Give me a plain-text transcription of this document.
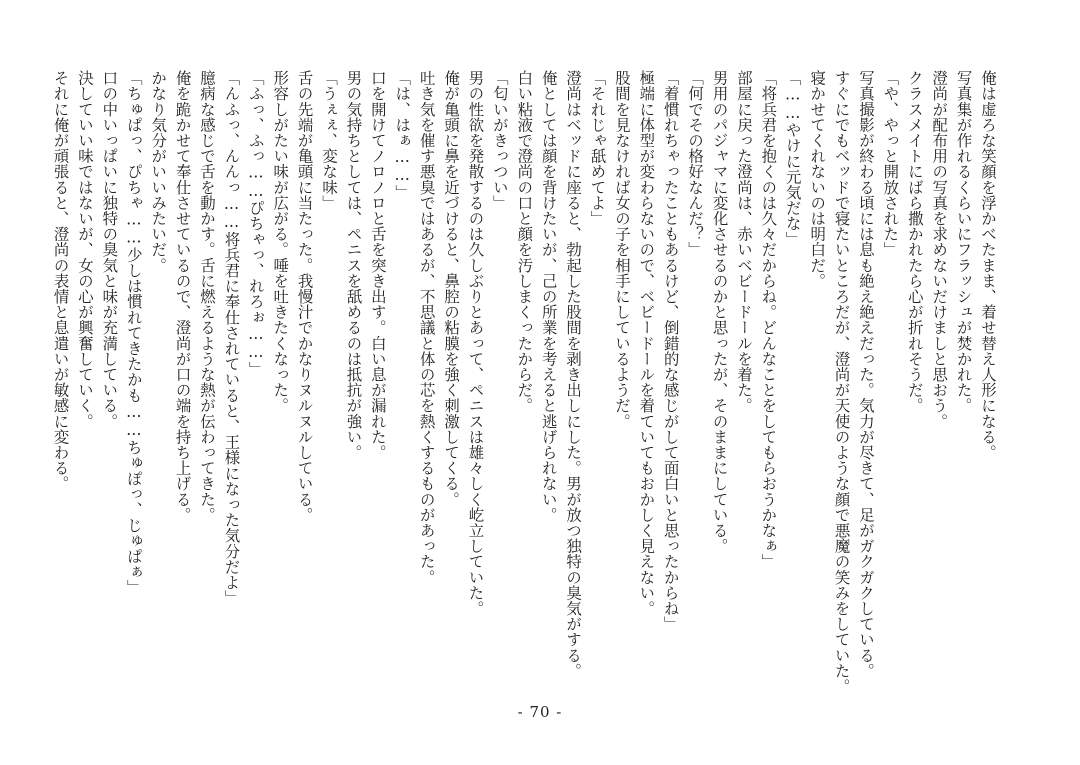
俺は虚ろな笑顔を浮かべたまま、着せ替え人形になる。
写真集が作れるくらいにフラッシュが焚かれた。
澄尚が配布用の写真を求めないだけましと思おう。
クラスメイトにばら撒かれたら心が折れそうだ。
「や、やっと開放された」
写真撮影が終わる頃には息も絶え絶えだった。気力が尽きて、足がガクガクしている。
すぐにでもベッドで寝たいところだが、澄尚が天使のような顔で悪魔の笑みをしていた。
寝かせてくれないのは明白だ。
「……やけに元気だな」
「将兵君を抱くのは久々だからね。どんなことをしてもらおうかなぁ」
部屋に戻った澄尚は、赤いベビードールを着た。
男用のパジャマに変化させるのかと思ったが、そのままにしている。
「何でその格好なんだ？」
「着慣れちゃったこともあるけど、倒錯的な感じがして面白いと思ったからね」
極端に体型が変わらないので、ベビードールを着ていてもおかしく見えない。
股間を見なければ女の子を相手にしているようだ。
「それじゃ舐めてよ」
澄尚はベッドに座ると、勃起した股間を剥き出しにした。男が放つ独特の臭気がする。
俺としては顔を背けたいが、己の所業を考えると逃げられない。
白い粘液で澄尚の口と顔を汚しまくったからだ。
「匂いがきっつい」
男の性欲を発散するのは久しぶりとあって、ペニスは雄々しく屹立していた。
俺が亀頭に鼻を近づけると、鼻腔の粘膜を強く刺激してくる。
吐き気を催す悪臭ではあるが、不思議と体の芯を熱くするものがあった。
「は、はぁ……」
口を開けてノロノロと舌を突き出す。白い息が漏れた。
男の気持ちとしては、ペニスを舐めるのは抵抗が強い。
「うぇぇ、変な味」
舌の先端が亀頭に当たった。我慢汁でかなりヌルヌルしている。
形容しがたい味が広がる。唾を吐きたくなった。
「ふっ、ふっ……ぴちゃっ、れろぉ……」
「んふっ、んんっ……将兵君に奉仕されていると、王様になった気分だよ」
臆病な感じで舌を動かす。舌に燃えるような熱が伝わってきた。
俺を跪かせて奉仕させているので、澄尚が口の端を持ち上げる。
かなり気分がいいみたいだ。
「ちゅぱっ、ぴちゃ……少しは慣れてきたかも……ちゅぽっ、じゅぱぁ」
口の中いっぱいに独特の臭気と味が充満している。
決していい味ではないが、女の心が興奮していく。
それに俺が頑張ると、澄尚の表情と息遣いが敏感に変わる。
- 70 -
